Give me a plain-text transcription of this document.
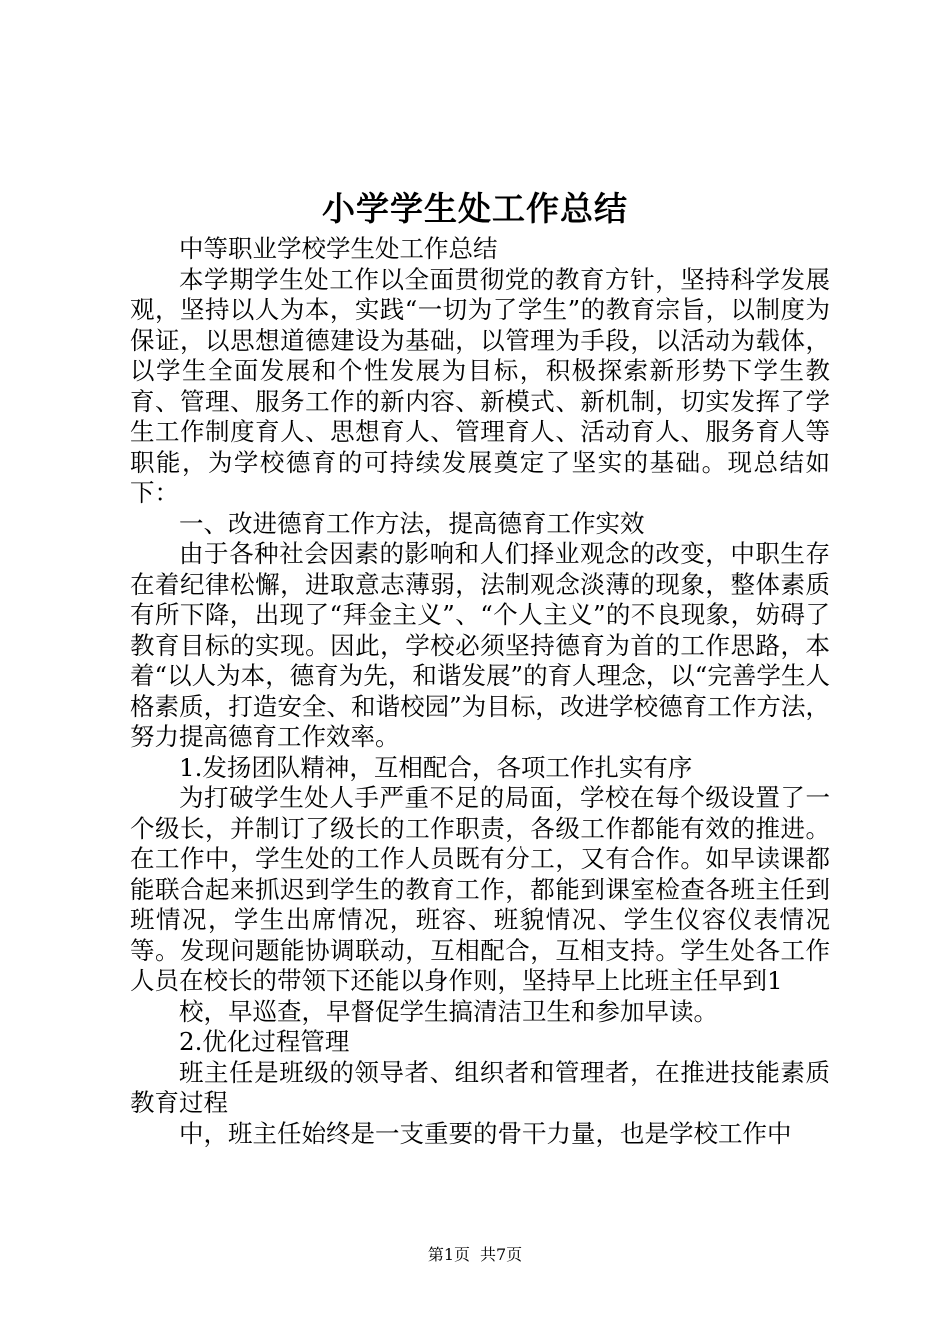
小学学生处工作总结

中等职业学校学生处工作总结

本学期学生处工作以全面贯彻党的教育方针，坚持科学发展观，坚持以人为本，实践“一切为了学生”的教育宗旨，以制度为保证，以思想道德建设为基础，以管理为手段，以活动为载体，以学生全面发展和个性发展为目标，积极探索新形势下学生教育、管理、服务工作的新内容、新模式、新机制，切实发挥了学生工作制度育人、思想育人、管理育人、活动育人、服务育人等职能，为学校德育的可持续发展奠定了坚实的基础。现总结如下：

一、改进德育工作方法，提高德育工作实效

由于各种社会因素的影响和人们择业观念的改变，中职生存在着纪律松懈，进取意志薄弱，法制观念淡薄的现象，整体素质有所下降，出现了“拜金主义”、“个人主义”的不良现象，妨碍了教育目标的实现。因此，学校必须坚持德育为首的工作思路，本着“以人为本，德育为先，和谐发展”的育人理念，以“完善学生人格素质，打造安全、和谐校园”为目标，改进学校德育工作方法，努力提高德育工作效率。

1.发扬团队精神，互相配合，各项工作扎实有序

为打破学生处人手严重不足的局面，学校在每个级设置了一个级长，并制订了级长的工作职责，各级工作都能有效的推进。在工作中，学生处的工作人员既有分工，又有合作。如早读课都能联合起来抓迟到学生的教育工作，都能到课室检查各班主任到班情况，学生出席情况，班容、班貌情况、学生仪容仪表情况等。发现问题能协调联动，互相配合，互相支持。学生处各工作人员在校长的带领下还能以身作则，坚持早上比班主任早到1

校，早巡查，早督促学生搞清洁卫生和参加早读。

2.优化过程管理

班主任是班级的领导者、组织者和管理者，在推进技能素质教育过程

中，班主任始终是一支重要的骨干力量，也是学校工作中

第1页 共7页
